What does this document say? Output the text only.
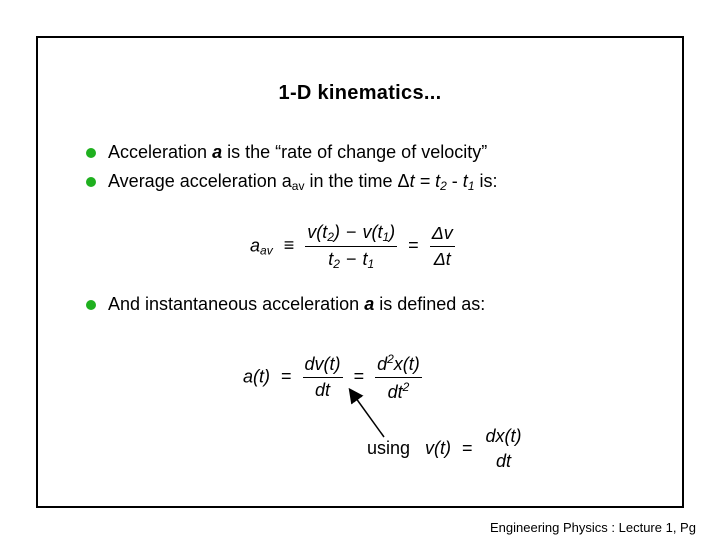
1-D kinematics...
Acceleration a is the “rate of change of velocity”
Average acceleration $a_{av}$ in the time $\Delta t = t_2 - t_1$ is:
$a_{av} \equiv \frac{v(t_2) - v(t_1)}{t_2 - t_1} = \frac{\Delta v}{\Delta t}$
And instantaneous acceleration a is defined as:
$a(t) = \frac{dv(t)}{dt} = \frac{d^2x(t)}{dt^2}$
using v(t) =
dx(t)
dt
Engineering Physics : Lecture 1, Pg
